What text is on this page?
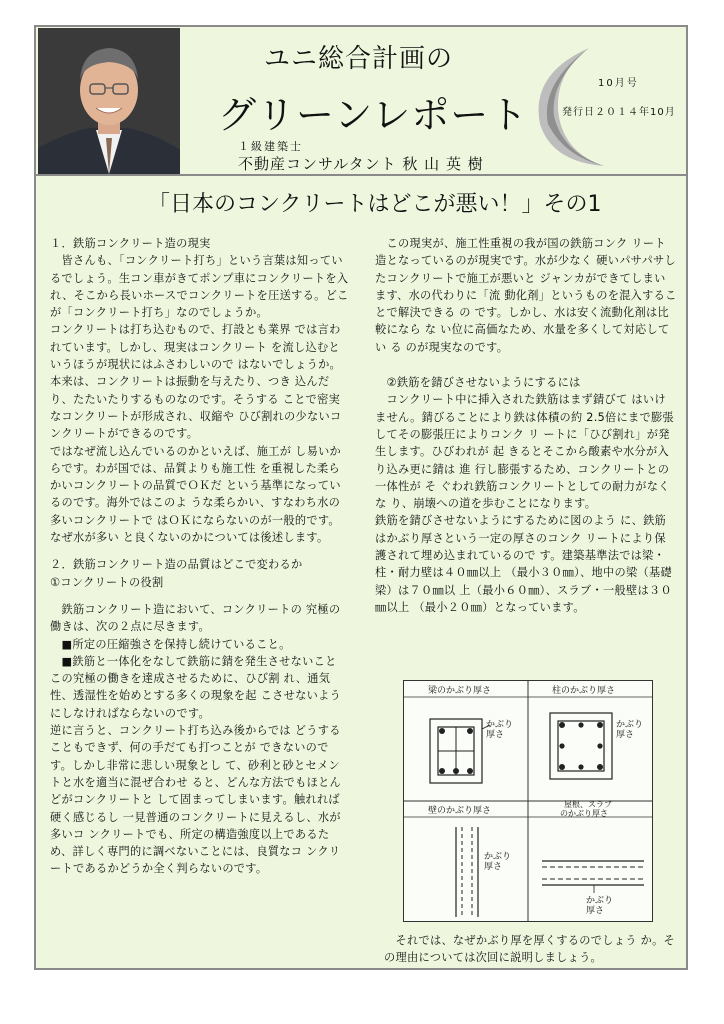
ユニ総合計画の
グリーンレポート
10月号
発行日２０１４年10月
１級建築士
不動産コンサルタント 秋 山 英 樹
「日本のコンクリートはどこが悪い！」その1

１．鉄筋コンクリート造の現実

　皆さんも、「コンクリート打ち」という言葉は知っているでしょう。生コン車がきてポンプ車にコンクリートを入れ、そこから長いホースでコンクリートを圧送する。どこが「コンクリート打ち」なのでしょうか。

コンクリートは打ち込むもので、打設とも業界 では言われています。しかし、現実はコンクリート を流し込むというほうが現状にはふさわしいので はないでしょうか。

本来は、コンクリートは振動を与えたり、つき 込んだり、たたいたりするものなのです。そうする ことで密実なコンクリートが形成され、収縮や ひび割れの少ないコンクリートができるのです。

ではなぜ流し込んでいるのかといえば、施工が し易いからです。わが国では、品質よりも施工性 を重視した柔らかいコンクリートの品質でＯＫだ という基準になっているのです。海外ではこのよ うな柔らかい、すなわち水の多いコンクリートで はＯＫにならないのが一般的です。なぜ水が多い と良くないのかについては後述します。

２．鉄筋コンクリート造の品質はどこで変わるか

①コンクリートの役割

　鉄筋コンクリート造において、コンクリートの 究極の働きは、次の２点に尽きます。

　■所定の圧縮強さを保持し続けていること。

　■鉄筋と一体化をなして鉄筋に錆を発生させないこと

この究極の働きを達成させるために、ひび割 れ、通気性、透湿性を始めとする多くの現象を起 こさせないようにしなければならないのです。

逆に言うと、コンクリート打ち込み後からでは どうすることもできず、何の手だても打つことが できないのです。しかし非常に悲しい現象とし て、砂利と砂とセメントと水を適当に混ぜ合わせ ると、どんな方法でもほとんどがコンクリートと して固まってしまいます。触れれば硬く感じるし 一見普通のコンクリートに見えるし、水が多いコ ンクリートでも、所定の構造強度以上であるた め、詳しく専門的に調べないことには、良質なコ ンクリートであるかどうか全く判らないのです。

　この現実が、施工性重視の我が国の鉄筋コンク リート造となっているのが現実です。水が少なく 硬いパサパサしたコンクリートで施工が悪いと ジャンカができてしまいます、水の代わりに「流 動化剤」というものを混入することで解決できる の です。しかし、水は安く流動化剤は比較になら な い位に高価なため、水量を多くして対応してい る のが現実なのです。

　②鉄筋を錆びさせないようにするには

　コンクリート中に挿入された鉄筋はまず錆びて はいけません。錆びることにより鉄は体積の約 2.5倍にまで膨張してその膨張圧によりコンク リ ートに「ひび割れ」が発生します。ひびわれが 起 きるとそこから酸素や水分が入り込み更に錆は 進 行し膨張するため、コンクリートとの一体性が そ ぐわれ鉄筋コンクリートとしての耐力がなくな り、崩壊への道を歩むことになります。

鉄筋を錆びさせないようにするために図のよう に、鉄筋はかぶり厚さという一定の厚さのコンク リートにより保護されて埋め込まれているので す。建築基準法では梁・柱・耐力壁は４０㎜以上 （最小３０㎜）、地中の梁（基礎梁）は７０㎜以 上（最小６０㎜）、スラブ・一般壁は３０㎜以上 （最小２０㎜）となっています。

梁のかぶり厚さ	柱のかぶり厚さ
壁のかぶり厚さ
屋根、スラブ
のかぶり厚さ
かぶり
厚さ
かぶり
厚さ
かぶり
厚さ
かぶり
厚さ
　それでは、なぜかぶり厚を厚くするのでしょう か。その理由については次回に説明しましょう。
